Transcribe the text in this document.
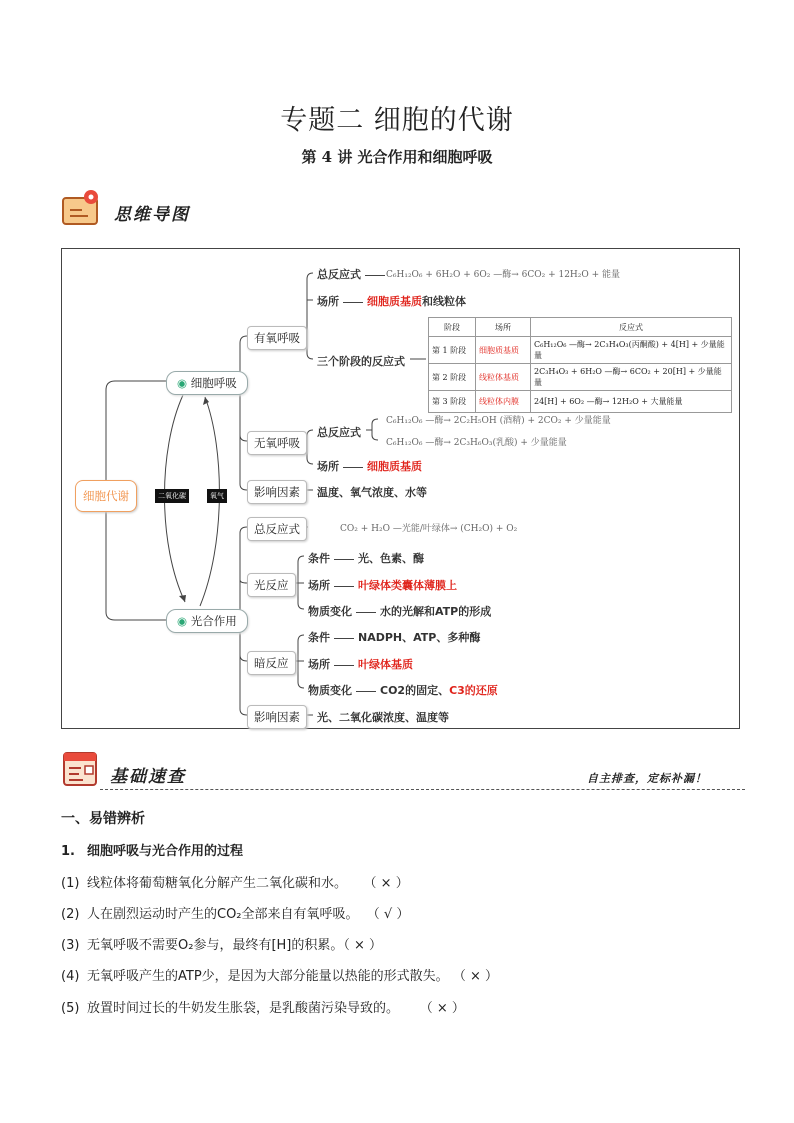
专题二 细胞的代谢
第 4 讲 光合作用和细胞呼吸
思维导图
细胞代谢
◉ 细胞呼吸
◉ 光合作用
二氧化碳	氧气
有氧呼吸
总反应式	C₆H₁₂O₆ + 6H₂O + 6O₂ —酶→ 6CO₂ + 12H₂O + 能量
场所	细胞质基质和线粒体
三个阶段的反应式
阶段	场所	反应式
第 1 阶段	细胞质基质	C₆H₁₂O₆ —酶→ 2C₃H₄O₃(丙酮酸) + 4[H] + 少量能量
第 2 阶段	线粒体基质	2C₃H₄O₃ + 6H₂O —酶→ 6CO₂ + 20[H] + 少量能量
第 3 阶段	线粒体内膜	24[H] + 6O₂ —酶→ 12H₂O + 大量能量
无氧呼吸
总反应式
C₆H₁₂O₆ —酶→ 2C₂H₅OH (酒精) + 2CO₂ + 少量能量
C₆H₁₂O₆ —酶→ 2C₃H₆O₃(乳酸) + 少量能量
场所	细胞质基质
影响因素	温度、氧气浓度、水等
总反应式	CO₂ + H₂O —光能/叶绿体→ (CH₂O) + O₂
光反应
条件	光、色素、酶
场所	叶绿体类囊体薄膜上
物质变化	水的光解和ATP的形成
暗反应
条件	NADPH、ATP、多种酶
场所	叶绿体基质
物质变化	CO2的固定、C3的还原
影响因素	光、二氧化碳浓度、温度等
基础速查	自主排查，定标补漏！
一、易错辨析
1. 细胞呼吸与光合作用的过程
(1) 线粒体将葡萄糖氧化分解产生二氧化碳和水。 （ × ）
(2) 人在剧烈运动时产生的CO₂全部来自有氧呼吸。 （ √ ）
(3) 无氧呼吸不需要O₂参与，最终有[H]的积累。（ × ）
(4) 无氧呼吸产生的ATP少，是因为大部分能量以热能的形式散失。 （ × ）
(5) 放置时间过长的牛奶发生胀袋，是乳酸菌污染导致的。 （ × ）
